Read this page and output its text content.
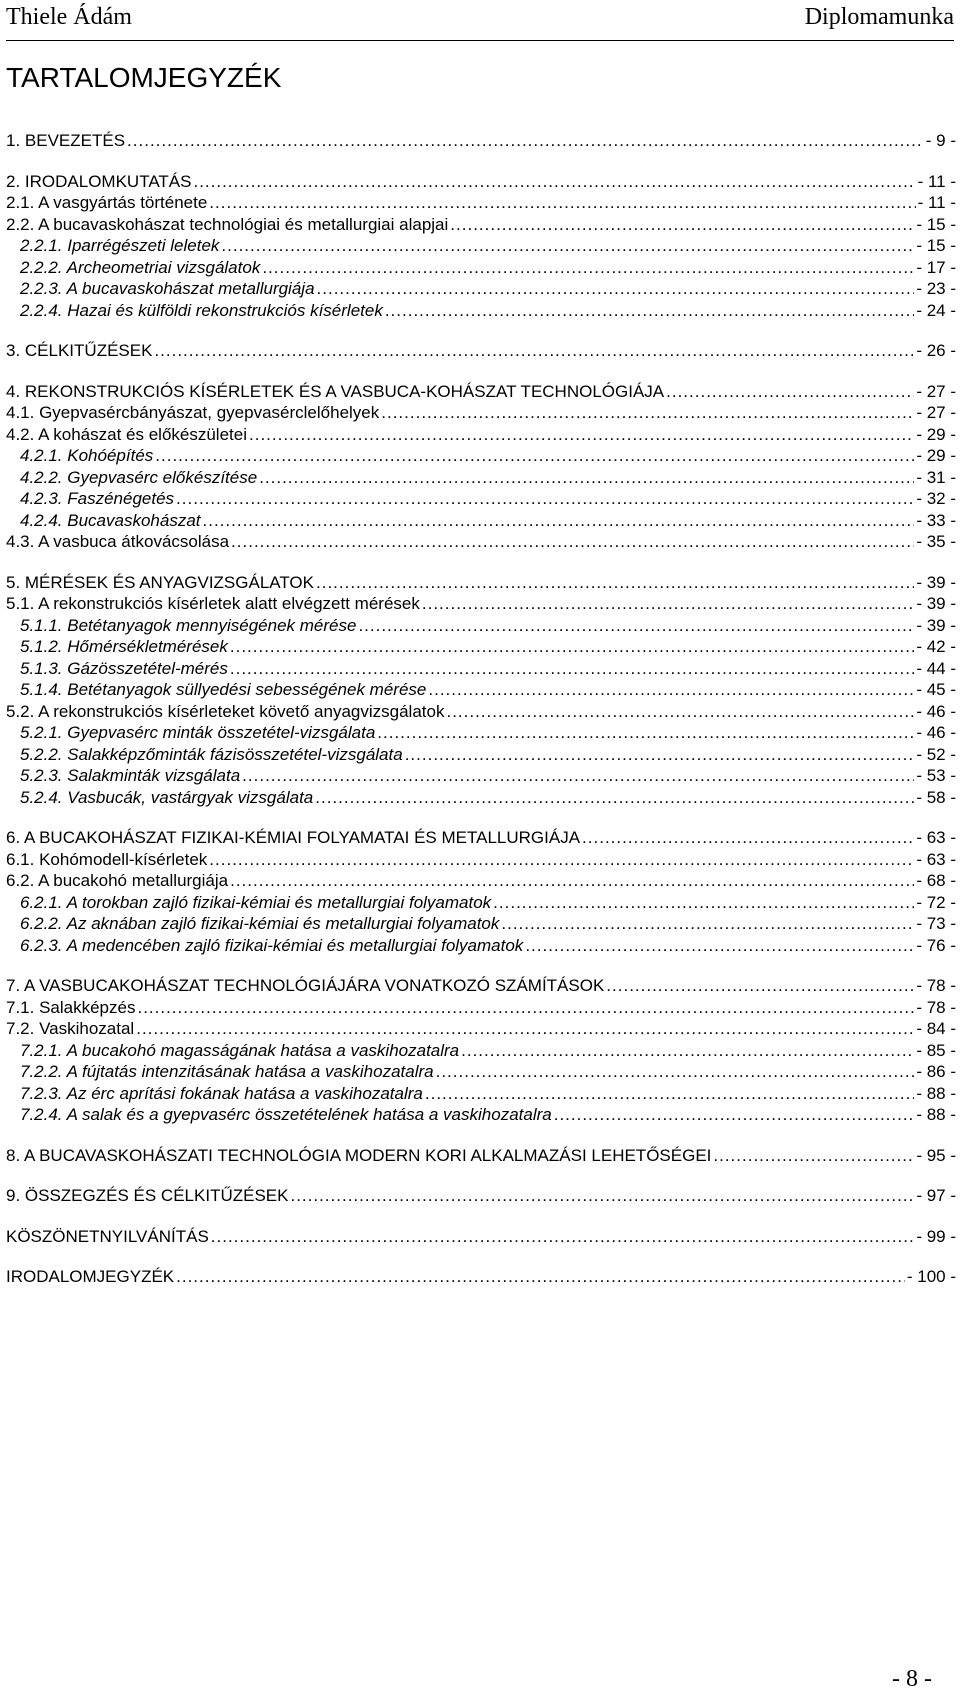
Thiele Ádám	Diplomamunka
TARTALOMJEGYZÉK
1. BEVEZETÉS .....	- 9 -
2. IRODALOMKUTATÁS .....	- 11 -
2.1. A vasgyártás története .....	- 11 -
2.2. A bucavaskohászat technológiai és metallurgiai alapjai .....	- 15 -
2.2.1. Iparrégészeti leletek .....	- 15 -
2.2.2. Archeometriai vizsgálatok .....	- 17 -
2.2.3. A bucavaskohászat metallurgiája .....	- 23 -
2.2.4. Hazai és külföldi rekonstrukciós kísérletek .....	- 24 -
3. CÉLKITŰZÉSEK .....	- 26 -
4. REKONSTRUKCIÓS KÍSÉRLETEK ÉS A VASBUCA-KOHÁSZAT TECHNOLÓGIÁJA .....	- 27 -
4.1. Gyepvasércbányászat, gyepvasérclelőhelyek .....	- 27 -
4.2. A kohászat és előkészületei .....	- 29 -
4.2.1. Kohóépítés .....	- 29 -
4.2.2. Gyepvasérc előkészítése .....	- 31 -
4.2.3. Faszénégetés .....	- 32 -
4.2.4. Bucavaskohászat .....	- 33 -
4.3. A vasbuca átkovácsolása .....	- 35 -
5. MÉRÉSEK ÉS ANYAGVIZSGÁLATOK .....	- 39 -
5.1. A rekonstrukciós kísérletek alatt elvégzett mérések .....	- 39 -
5.1.1. Betétanyagok mennyiségének mérése .....	- 39 -
5.1.2. Hőmérsékletmérések .....	- 42 -
5.1.3. Gázösszetétel-mérés .....	- 44 -
5.1.4. Betétanyagok süllyedési sebességének mérése .....	- 45 -
5.2. A rekonstrukciós kísérleteket követő anyagvizsgálatok .....	- 46 -
5.2.1. Gyepvasérc minták összetétel-vizsgálata .....	- 46 -
5.2.2. Salakképzőminták fázisösszetétel-vizsgálata .....	- 52 -
5.2.3. Salakminták vizsgálata .....	- 53 -
5.2.4. Vasbucák, vastárgyak vizsgálata .....	- 58 -
6. A BUCAKOHÁSZAT FIZIKAI-KÉMIAI FOLYAMATAI ÉS METALLURGIÁJA .....	- 63 -
6.1. Kohómodell-kísérletek .....	- 63 -
6.2. A bucakohó metallurgiája .....	- 68 -
6.2.1. A torokban zajló fizikai-kémiai és metallurgiai folyamatok .....	- 72 -
6.2.2. Az aknában zajló fizikai-kémiai és metallurgiai folyamatok .....	- 73 -
6.2.3. A medencében zajló fizikai-kémiai és metallurgiai folyamatok .....	- 76 -
7. A VASBUCAKOHÁSZAT TECHNOLÓGIÁJÁRA VONATKOZÓ SZÁMÍTÁSOK .....	- 78 -
7.1. Salakképzés .....	- 78 -
7.2. Vaskihozatal .....	- 84 -
7.2.1. A bucakohó magasságának hatása a vaskihozatalra .....	- 85 -
7.2.2. A fújtatás intenzitásának hatása a vaskihozatalra .....	- 86 -
7.2.3. Az érc aprítási fokának hatása a vaskihozatalra .....	- 88 -
7.2.4. A salak és a gyepvasérc összetételének hatása a vaskihozatalra .....	- 88 -
8. A BUCAVASKOHÁSZATI TECHNOLÓGIA MODERN KORI ALKALMAZÁSI LEHETŐSÉGEI .....	- 95 -
9. ÖSSZEGZÉS ÉS CÉLKITŰZÉSEK .....	- 97 -
KÖSZÖNETNYILVÁNÍTÁS .....	- 99 -
IRODALOMJEGYZÉK .....	- 100 -
- 8 -
